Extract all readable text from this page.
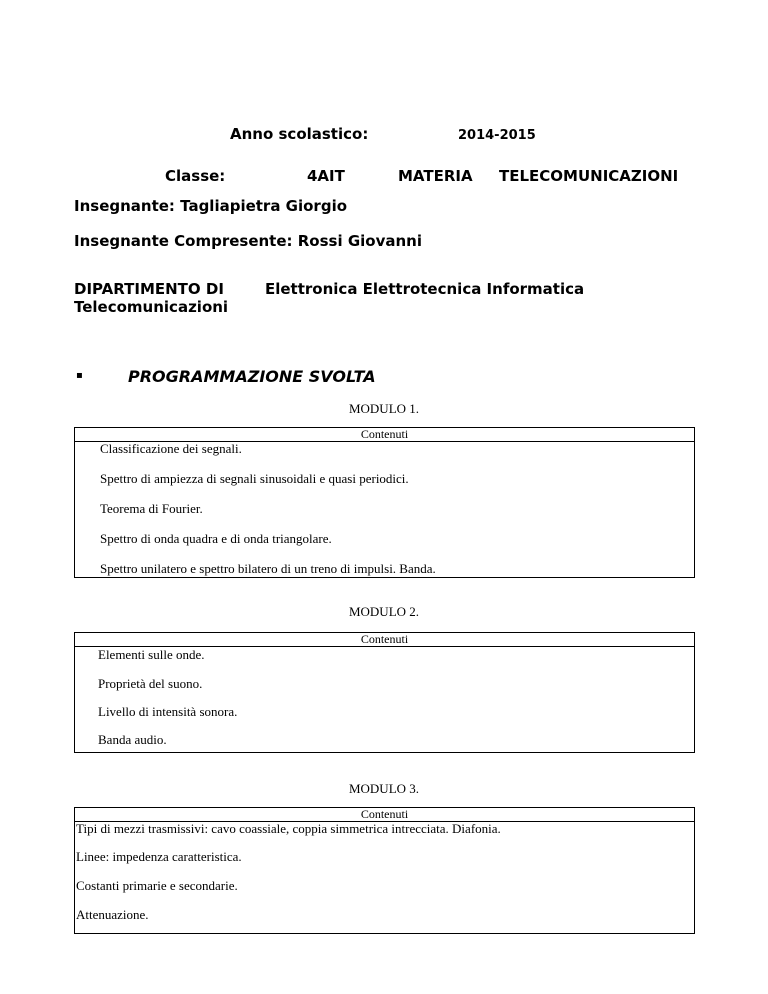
Anno scolastico:	2014-2015
Classe:	4AIT	MATERIA TELECOMUNICAZIONI
Insegnante: Tagliapietra Giorgio
Insegnante Compresente: Rossi Giovanni
DIPARTIMENTO DI
Telecomunicazioni
Elettronica Elettrotecnica Informatica
▪	PROGRAMMAZIONE SVOLTA
MODULO 1.
Contenuti
Classificazione dei segnali.
Spettro di ampiezza di segnali sinusoidali e quasi periodici.
Teorema di Fourier.
Spettro di onda quadra e di onda triangolare.
Spettro unilatero e spettro bilatero di un treno di impulsi. Banda.
MODULO 2.
Contenuti
Elementi sulle onde.
Proprietà del suono.
Livello di intensità sonora.
Banda audio.
MODULO 3.
Contenuti
Tipi di mezzi trasmissivi: cavo coassiale, coppia simmetrica intrecciata. Diafonia.
Linee: impedenza caratteristica.
Costanti primarie e secondarie.
Attenuazione.
